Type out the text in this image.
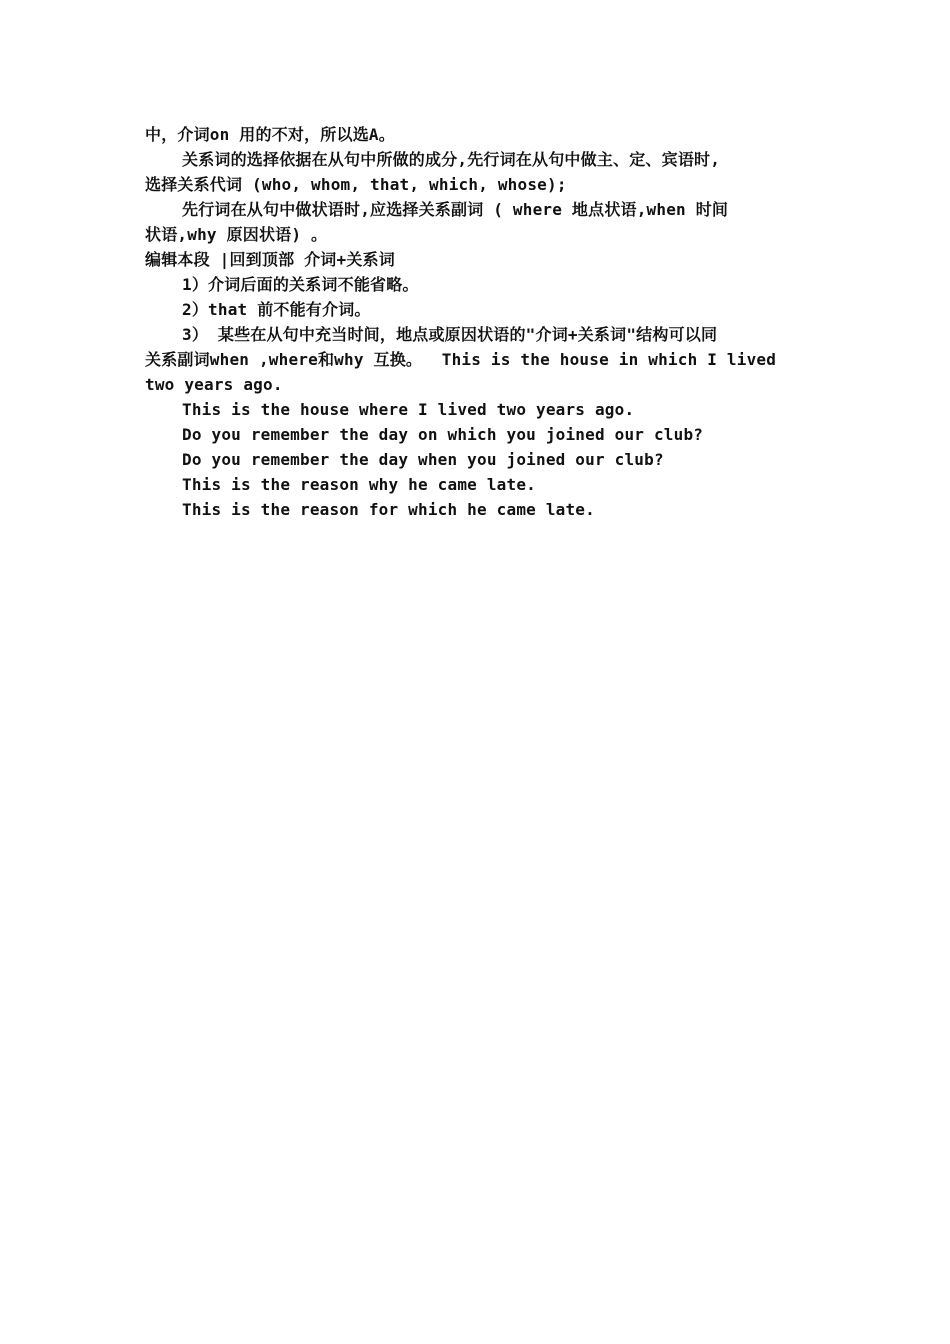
中，介词on 用的不对，所以选A。
关系词的选择依据在从句中所做的成分,先行词在从句中做主、定、宾语时,
选择关系代词 (who, whom, that, which, whose);
先行词在从句中做状语时,应选择关系副词 ( where 地点状语,when 时间
状语,why 原因状语) 。
编辑本段 |回到顶部 介词+关系词
1）介词后面的关系词不能省略。
2）that 前不能有介词。
3） 某些在从句中充当时间，地点或原因状语的"介词+关系词"结构可以同
关系副词when ,where和why 互换。  This is the house in which I lived
two years ago.
This is the house where I lived two years ago.
Do you remember the day on which you joined our club?
Do you remember the day when you joined our club?
This is the reason why he came late.
This is the reason for which he came late.
